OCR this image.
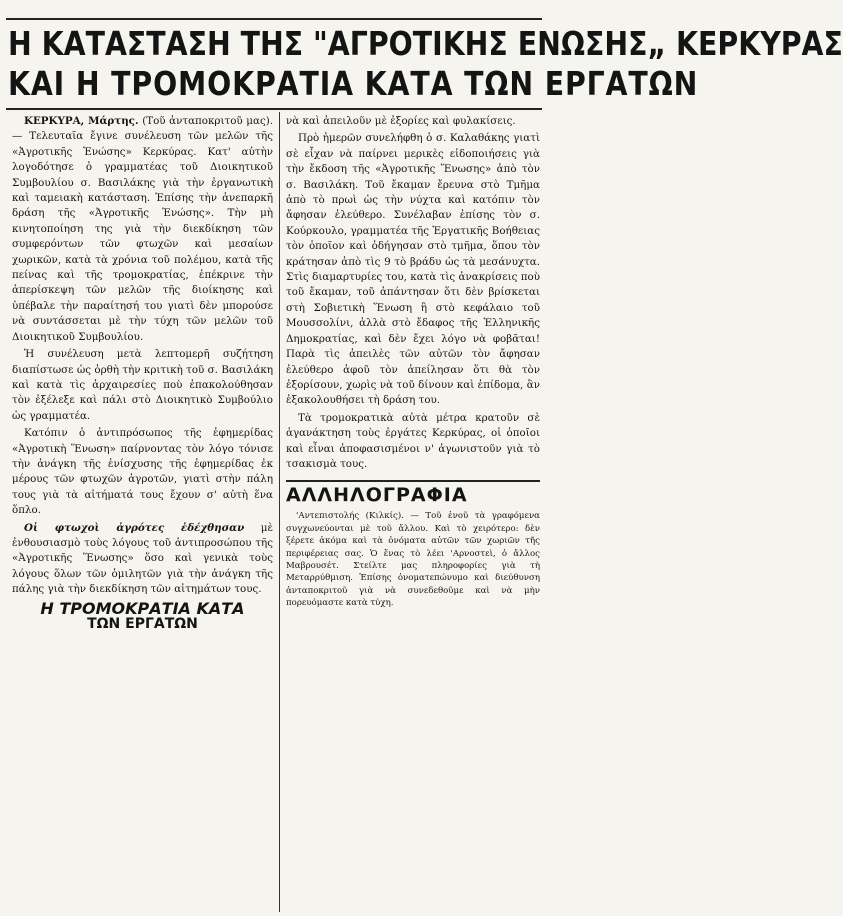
Η ΚΑΤΑΣΤΑΣΗ ΤΗΣ "ΑΓΡΟΤΙΚΗΣ ΕΝΩΣΗΣ„ ΚΕΡΚΥΡΑΣ
ΚΑΙ Η ΤΡΟΜΟΚΡΑΤΙΑ ΚΑΤΑ ΤΩΝ ΕΡΓΑΤΩΝ

ΚΕΡΚΥΡΑ, Μάρτης. (Τοῦ ἀνταποκριτοῦ μας).— Τελευταῖα ἔγινε συνέλευση τῶν μελῶν τῆς «Ἀγροτικῆς Ἑνώσης» Κερκύρας. Κατ' αὐτὴν λογοδότησε ὁ γραμματέας τοῦ Διοικητικοῦ Συμβουλίου σ. Βασιλάκης γιὰ τὴν ἐργανωτικὴ καὶ ταμειακὴ κατάσταση. Ἐπίσης τὴν ἀνεπαρκῆ δράση τῆς «Ἀγροτικῆς Ἑνώσης». Τὴν μὴ κινητοποίηση της γιὰ τὴν διεκδίκηση τῶν συμφερόντων τῶν φτωχῶν καὶ μεσαίων χωρικῶν, κατὰ τὰ χρόνια τοῦ πολέμου, κατὰ τῆς πείνας καὶ τῆς τρομοκρατίας, ἐπέκρινε τὴν ἀπερίσκεψη τῶν μελῶν τῆς διοίκησης καὶ ὑπέβαλε τὴν παραίτησή του γιατὶ δὲν μπορούσε νὰ συντάσσεται μὲ τὴν τύχη τῶν μελῶν τοῦ Διοικητικοῦ Συμβουλίου.

Ἡ συνέλευση μετὰ λεπτομερῆ συζήτηση διαπίστωσε ὡς ὀρθὴ τὴν κριτικὴ τοῦ σ. Βασιλάκη καὶ κατὰ τὶς ἀρχαιρεσίες ποὺ ἐπακολούθησαν τὸν ἐξέλεξε καὶ πάλι στὸ Διοικητικὸ Συμβούλιο ὡς γραμματέα.

Κατόπιν ὁ ἀντιπρόσωπος τῆς ἐφημερίδας «Ἀγροτικὴ Ἕνωση» παίρνοντας τὸν λόγο τόνισε τὴν ἀνάγκη τῆς ἐνίσχυσης τῆς ἐφημερίδας ἐκ μέρους τῶν φτωχῶν ἀγροτῶν, γιατὶ στὴν πάλη τους γιὰ τὰ αἰτήματά τους ἔχουν σ' αὐτὴ ἕνα ὅπλο.

Οἱ φτωχοὶ ἀγρότες ἐδέχθησαν μὲ ἐνθουσιασμὸ τοὺς λόγους τοῦ ἀντιπροσώπου τῆς «Ἀγροτικῆς Ἕνωσης» ὅσο καὶ γενικὰ τοὺς λόγους ὅλων τῶν ὁμιλητῶν γιὰ τὴν ἀνάγκη τῆς πάλης γιὰ τὴν διεκδίκηση τῶν αἰτημάτων τους.

Η ΤΡΟΜΟΚΡΑΤΙΑ ΚΑΤΑ
ΤΩΝ ΕΡΓΑΤΩΝ

νὰ καὶ ἀπειλοῦν μὲ ἐξορίες καὶ φυλακίσεις.

Πρὸ ἡμερῶν συνελήφθη ὁ σ. Καλαθάκης γιατὶ σὲ εἶχαν νὰ παίρνει μερικὲς εἰδοποιήσεις γιὰ τὴν ἔκδοση τῆς «Ἀγροτικῆς Ἕνωσης» ἀπὸ τὸν σ. Βασιλάκη. Τοῦ ἔκαμαν ἔρευνα στὸ Τμῆμα ἀπὸ τὸ πρωὶ ὡς τὴν νύχτα καὶ κατόπιν τὸν ἄφησαν ἐλεύθερο. Συνέλαβαν ἐπίσης τὸν σ. Κούρκουλο, γραμματέα τῆς Ἐργατικῆς Βοήθειας τὸν ὁποῖον καὶ ὁδήγησαν στὸ τμῆμα, ὅπου τὸν κράτησαν ἀπὸ τὶς 9 τὸ βράδυ ὡς τὰ μεσάνυχτα. Στὶς διαμαρτυρίες του, κατὰ τὶς ἀνακρίσεις ποὺ τοῦ ἔκαμαν, τοῦ ἀπάντησαν ὅτι δὲν βρίσκεται στὴ Σοβιετικὴ Ἕνωση ἢ στὸ κεφάλαιο τοῦ Μουσσολίνι, ἀλλὰ στὸ ἔδαφος τῆς Ἑλληνικῆς Δημοκρατίας, καὶ δὲν ἔχει λόγο νὰ φοβᾶται! Παρὰ τὶς ἀπειλὲς τῶν αὐτῶν τὸν ἄφησαν ἐλεύθερο ἀφοῦ τὸν ἀπείλησαν ὅτι θὰ τὸν ἐξορίσουν, χωρὶς νὰ τοῦ δίνουν καὶ ἐπίδομα, ἂν ἐξακολουθήσει τὴ δράση του.

Τὰ τρομοκρατικὰ αὐτὰ μέτρα κρατοῦν σὲ ἀγανάκτηση τοὺς ἐργάτες Κερκύρας, οἱ ὁποῖοι καὶ εἶναι ἀποφασισμένοι ν' ἀγωνιστοῦν γιὰ τὸ τσακισμὰ τους.

ΑΛΛΗΛΟΓΡΑΦΙΑ

'Αντεπιστολής (Κιλκίς). — Τοῦ ἑνοῦ τὰ γραφόμενα συγχωνεύονται μὲ τοῦ ἄλλου. Καὶ τὸ χειρότερο: δὲν ξέρετε ἀκόμα καὶ τὰ ὀνόματα αὐτῶν τῶν χωριῶν τῆς περιφέρειας σας. Ὁ ἕνας τὸ λέει 'Αρνοστεὶ, ὁ ἄλλος Μαβρουσέτ. Στείλτε μας πληροφορίες γιὰ τὴ Μεταρρύθμιση. Ἐπίσης ὀνοματεπώνυμο καὶ διεύθυνση ἀνταποκριτοῦ γιὰ νὰ συνεδεθοῦμε καὶ νὰ μὴν πορευόμαστε κατὰ τύχη.
